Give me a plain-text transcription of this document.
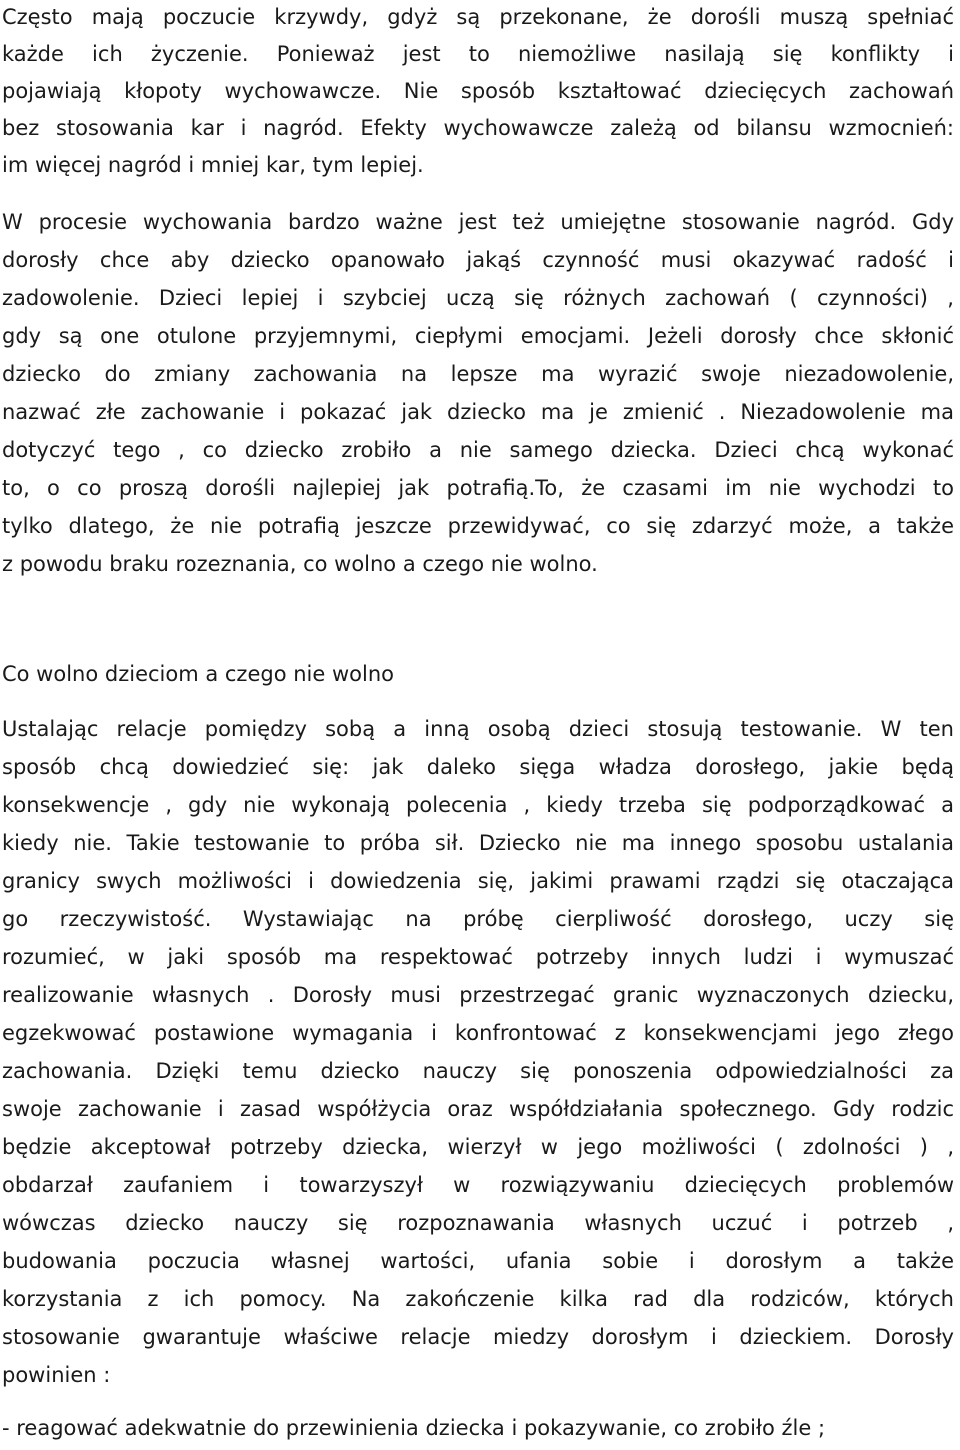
Często mają poczucie krzywdy, gdyż są przekonane, że dorośli muszą spełniać
każde ich życzenie. Ponieważ jest to niemożliwe nasilają się konflikty i
pojawiają kłopoty wychowawcze. Nie sposób kształtować dziecięcych zachowań
bez stosowania kar i nagród. Efekty wychowawcze zależą od bilansu wzmocnień:
im więcej nagród i mniej kar, tym lepiej.
W procesie wychowania bardzo ważne jest też umiejętne stosowanie nagród. Gdy
dorosły chce aby dziecko opanowało jakąś czynność musi okazywać radość i
zadowolenie. Dzieci lepiej i szybciej uczą się różnych zachowań ( czynności) ,
gdy są one otulone przyjemnymi, ciepłymi emocjami. Jeżeli dorosły chce skłonić
dziecko do zmiany zachowania na lepsze ma wyrazić swoje niezadowolenie,
nazwać złe zachowanie i pokazać jak dziecko ma je zmienić . Niezadowolenie ma
dotyczyć tego , co dziecko zrobiło a nie samego dziecka. Dzieci chcą wykonać
to, o co proszą dorośli najlepiej jak potrafią.To, że czasami im nie wychodzi to
tylko dlatego, że nie potrafią jeszcze przewidywać, co się zdarzyć może, a także
z powodu braku rozeznania, co wolno a czego nie wolno.
Co wolno dzieciom a czego nie wolno
Ustalając relacje pomiędzy sobą a inną osobą dzieci stosują testowanie. W ten
sposób chcą dowiedzieć się: jak daleko sięga władza dorosłego, jakie będą
konsekwencje , gdy nie wykonają polecenia , kiedy trzeba się podporządkować a
kiedy nie. Takie testowanie to próba sił. Dziecko nie ma innego sposobu ustalania
granicy swych możliwości i dowiedzenia się, jakimi prawami rządzi się otaczająca
go rzeczywistość. Wystawiając na próbę cierpliwość dorosłego, uczy się
rozumieć, w jaki sposób ma respektować potrzeby innych ludzi i wymuszać
realizowanie własnych . Dorosły musi przestrzegać granic wyznaczonych dziecku,
egzekwować postawione wymagania i konfrontować z konsekwencjami jego złego
zachowania. Dzięki temu dziecko nauczy się ponoszenia odpowiedzialności za
swoje zachowanie i zasad współżycia oraz współdziałania społecznego. Gdy rodzic
będzie akceptował potrzeby dziecka, wierzył w jego możliwości ( zdolności ) ,
obdarzał zaufaniem i towarzyszył w rozwiązywaniu dziecięcych problemów
wówczas dziecko nauczy się rozpoznawania własnych uczuć i potrzeb ,
budowania poczucia własnej wartości, ufania sobie i dorosłym a także
korzystania z ich pomocy. Na zakończenie kilka rad dla rodziców, których
stosowanie gwarantuje właściwe relacje miedzy dorosłym i dzieckiem. Dorosły
powinien :
- reagować adekwatnie do przewinienia dziecka i pokazywanie, co zrobiło źle ;
